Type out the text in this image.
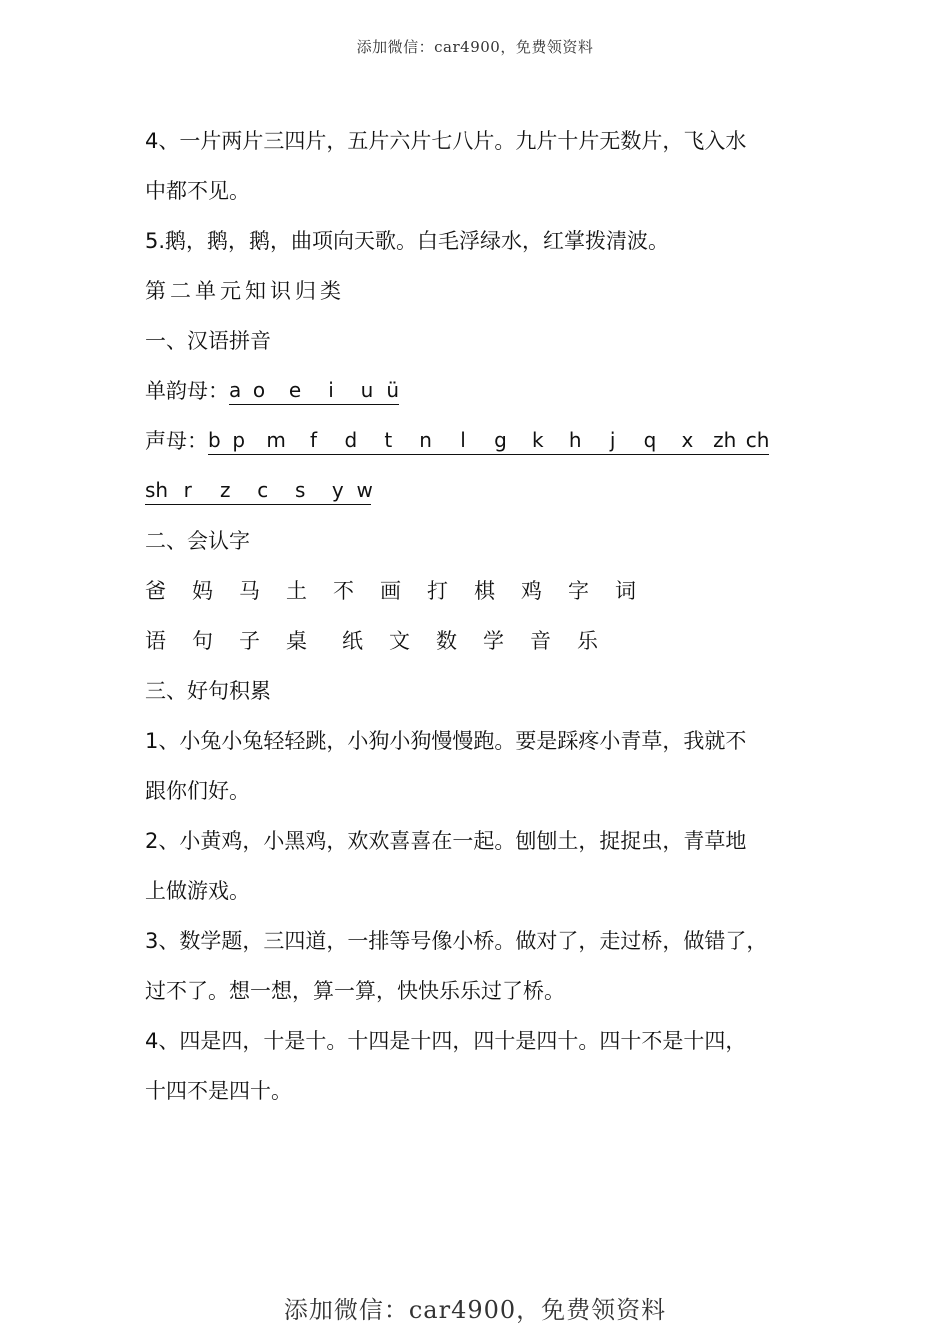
添加微信：car4900，免费领资料
4、一片两片三四片，五片六片七八片。九片十片无数片，飞入水
中都不见。
5.鹅，鹅，鹅，曲项向天歌。白毛浮绿水，红掌拨清波。
第二单元知识归类
一、汉语拼音
单韵母： a o	e	i	u ü
声母： b p	m	f	d	t	n	l	g	k	h	j	q	x zh ch
sh r	z	c	s	y w
二、会认字
爸	妈	马	土	不	画	打	棋	鸡	字	词
语	句	子	桌	纸	文	数	学	音	乐
三、好句积累
1、小兔小兔轻轻跳，小狗小狗慢慢跑。要是踩疼小青草，我就不
跟你们好。
2、小黄鸡，小黑鸡，欢欢喜喜在一起。刨刨土，捉捉虫，青草地
上做游戏。
3、数学题，三四道，一排等号像小桥。做对了，走过桥，做错了，
过不了。想一想，算一算，快快乐乐过了桥。
4、四是四，十是十。十四是十四，四十是四十。四十不是十四，
十四不是四十。
添加微信：car4900，免费领资料
